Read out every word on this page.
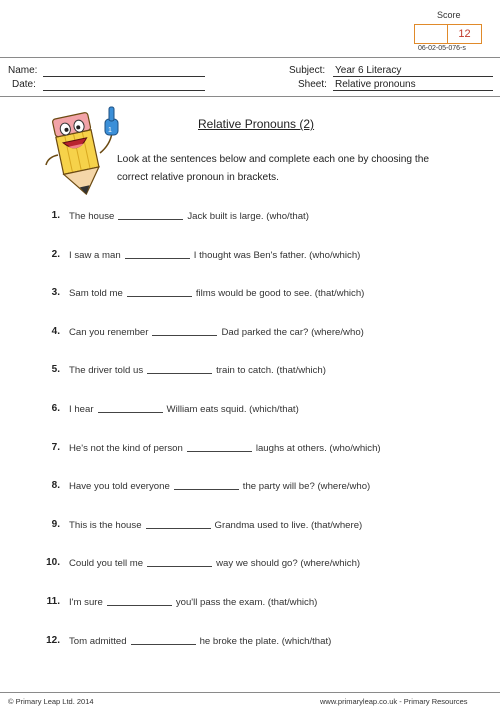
Score
12
06-02-05-076-s
Name:
Date:
Subject: Year 6 Literacy
Sheet: Relative pronouns
1	Relative Pronouns (2)
Look at the sentences below and complete each one by choosing the correct relative pronoun in brackets.
1. The house	Jack built is large. (who/that)
2. I saw a man	I thought was Ben's father. (who/which)
3. Sam told me	films would be good to see. (that/which)
4. Can you renember	Dad parked the car? (where/who)
5. The driver told us	train to catch. (that/which)
6. I hear	William eats squid. (which/that)
7. He's not the kind of person	laughs at others. (who/which)
8. Have you told everyone	the party will be? (where/who)
9. This is the house	Grandma used to live. (that/where)
10. Could you tell me	way we should go? (where/which)
11. I'm sure	you'll pass the exam. (that/which)
12. Tom admitted	he broke the plate. (which/that)
© Primary Leap Ltd. 2014	www.primaryleap.co.uk - Primary Resources
